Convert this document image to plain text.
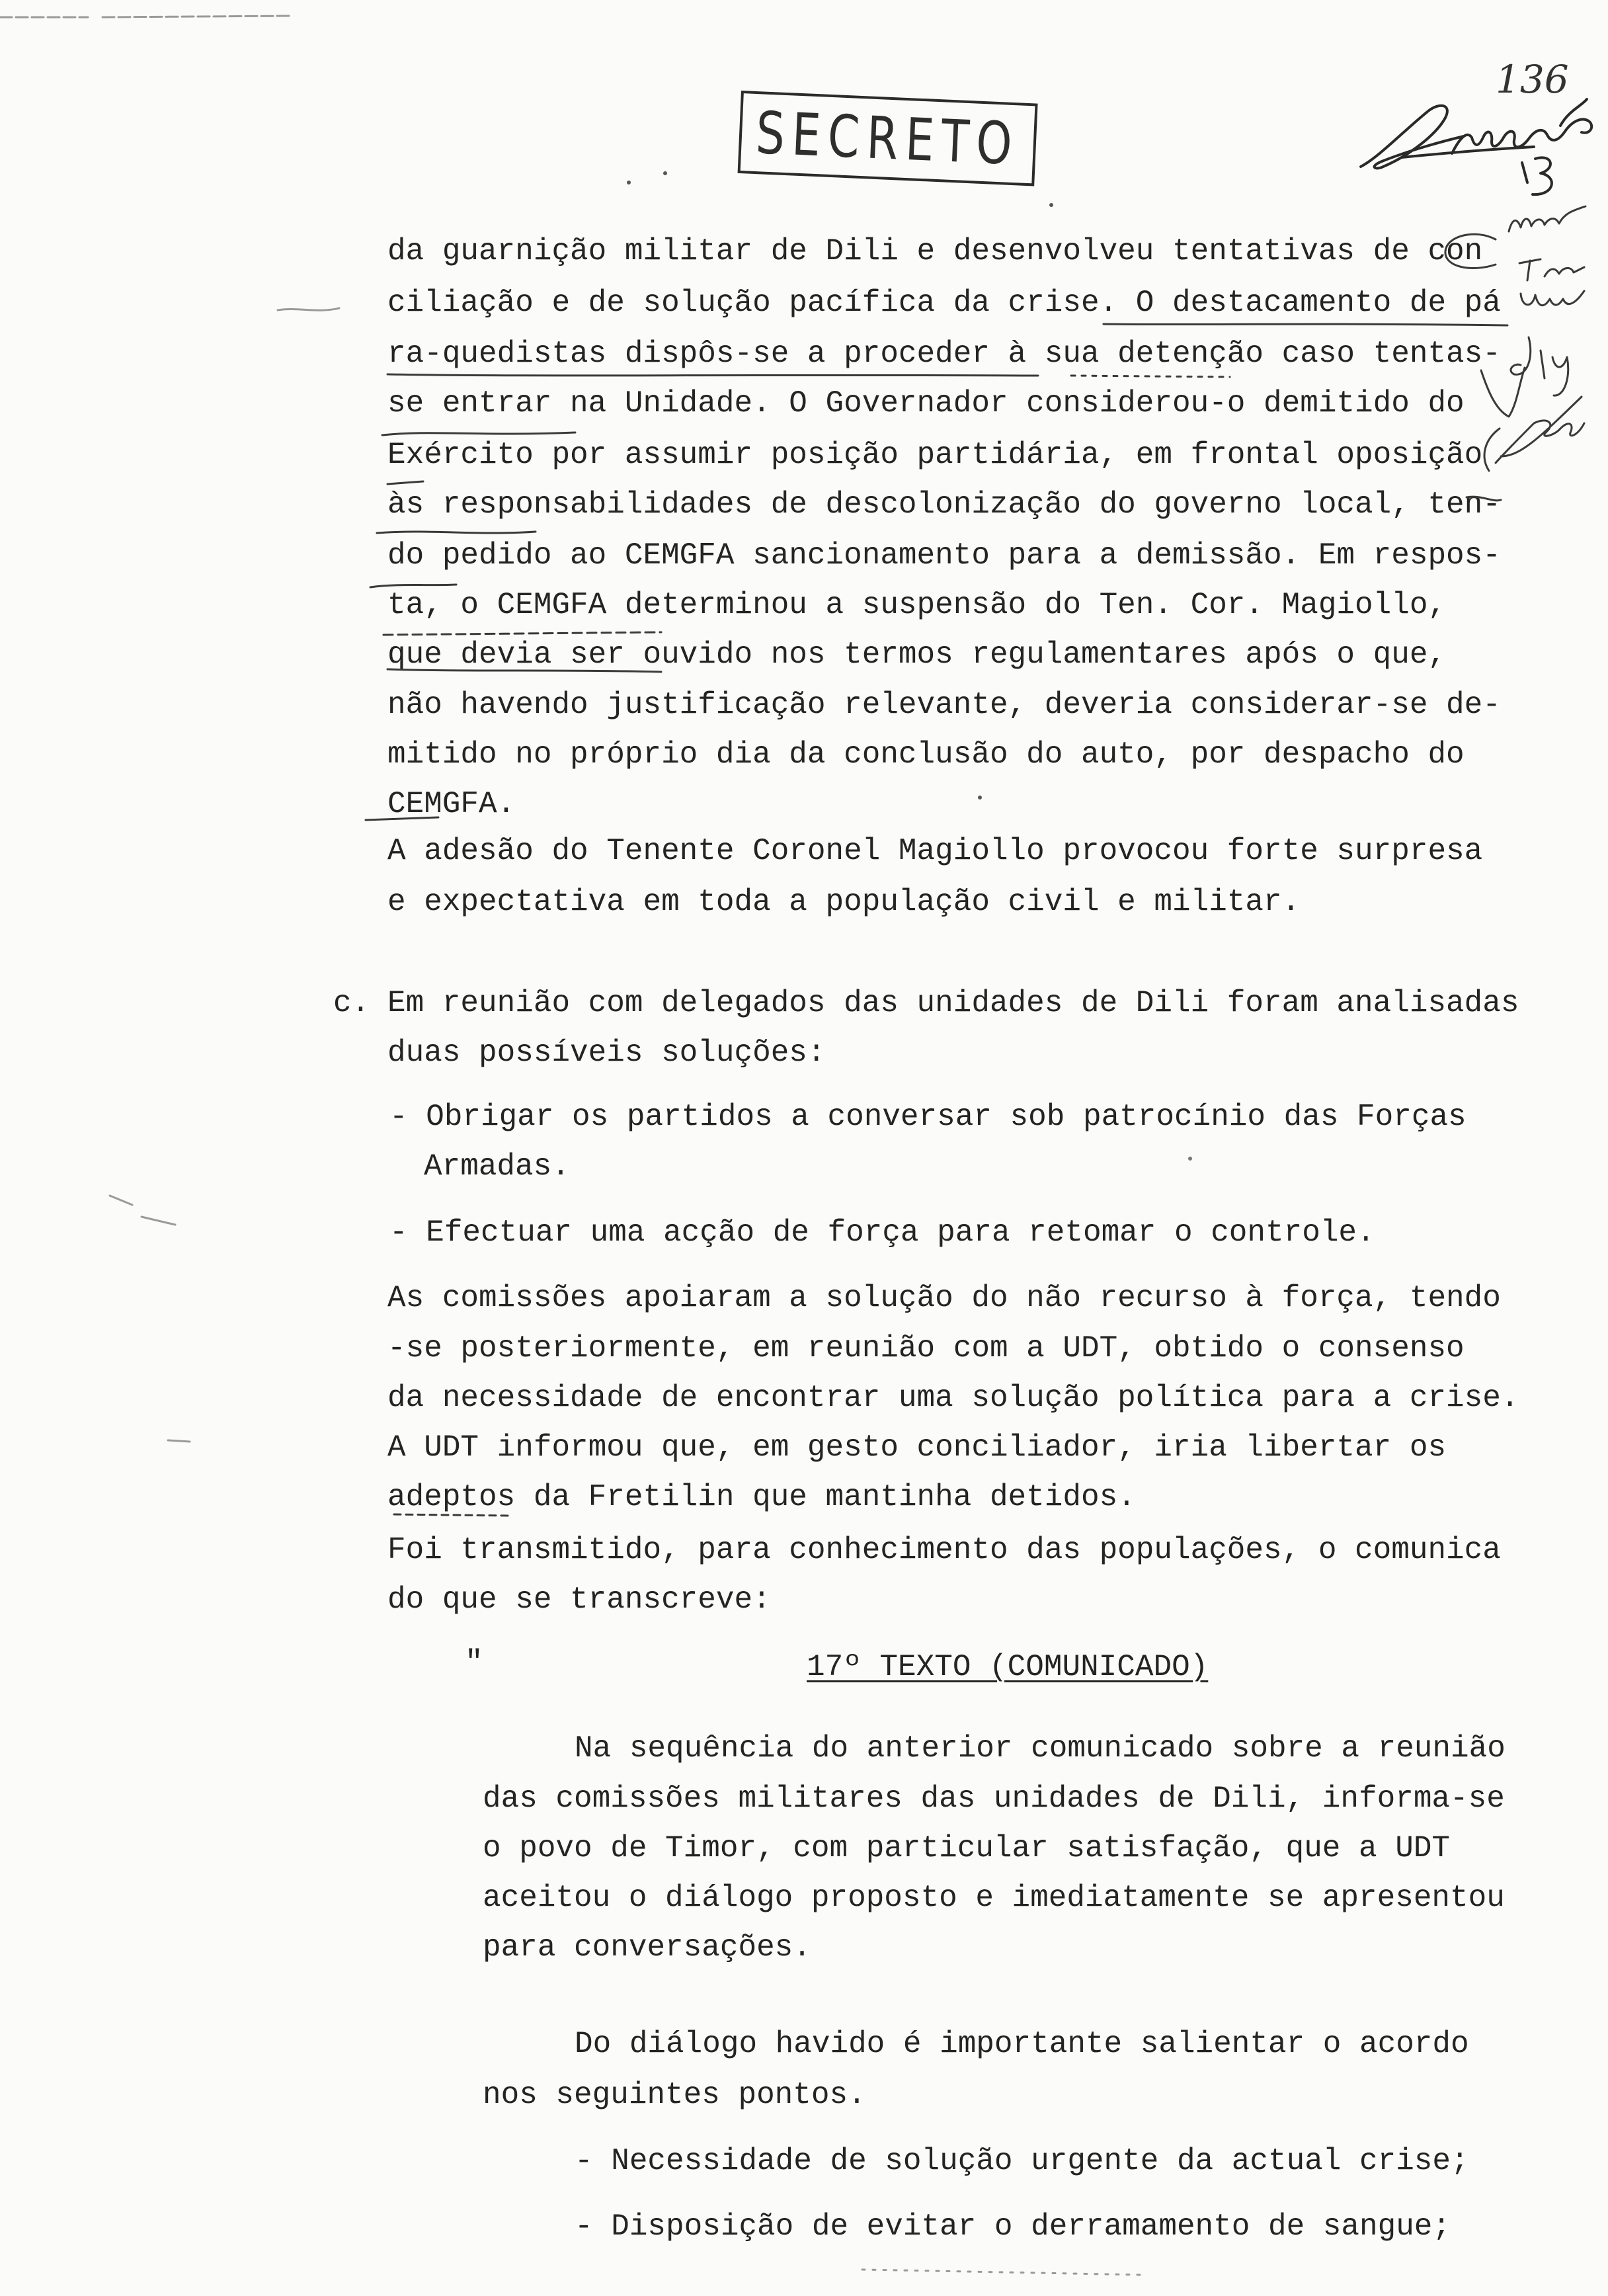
136
SECRETO
da guarnição militar de Dili e desenvolveu tentativas de con
ciliação e de solução pacífica da crise. O destacamento de pá
ra-quedistas dispôs-se a proceder à sua detenção caso tentas-
se entrar na Unidade. O Governador considerou-o demitido do
Exército por assumir posição partidária, em frontal oposição
às responsabilidades de descolonização do governo local, ten-
do pedido ao CEMGFA sancionamento para a demissão. Em respos-
ta, o CEMGFA determinou a suspensão do Ten. Cor. Magiollo,
que devia ser ouvido nos termos regulamentares após o que,
não havendo justificação relevante, deveria considerar-se de-
mitido no próprio dia da conclusão do auto, por despacho do
CEMGFA.
A adesão do Tenente Coronel Magiollo provocou forte surpresa
e expectativa em toda a população civil e militar.
c. Em reunião com delegados das unidades de Dili foram analisadas
duas possíveis soluções:
- Obrigar os partidos a conversar sob patrocínio das Forças
Armadas.
- Efectuar uma acção de força para retomar o controle.
As comissões apoiaram a solução do não recurso à força, tendo
-se posteriormente, em reunião com a UDT, obtido o consenso
da necessidade de encontrar uma solução política para a crise.
A UDT informou que, em gesto conciliador, iria libertar os
adeptos da Fretilin que mantinha detidos.
Foi transmitido, para conhecimento das populações, o comunica
do que se transcreve:
"	17º TEXTO (COMUNICADO)
Na sequência do anterior comunicado sobre a reunião
das comissões militares das unidades de Dili, informa-se
o povo de Timor, com particular satisfação, que a UDT
aceitou o diálogo proposto e imediatamente se apresentou
para conversações.
Do diálogo havido é importante salientar o acordo
nos seguintes pontos.
- Necessidade de solução urgente da actual crise;
- Disposição de evitar o derramamento de sangue;
